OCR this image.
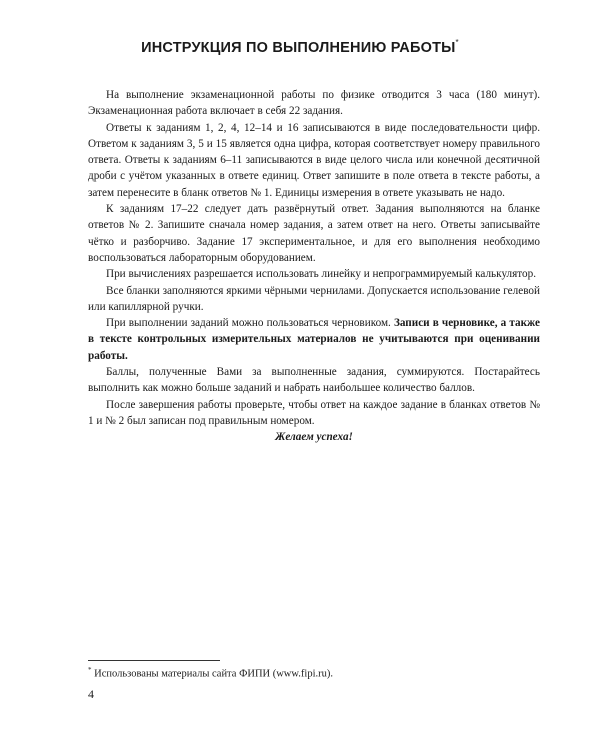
ИНСТРУКЦИЯ ПО ВЫПОЛНЕНИЮ РАБОТЫ*

На выполнение экзаменационной работы по физике отводится 3 часа (180 минут). Экзаменационная работа включает в себя 22 задания.

Ответы к заданиям 1, 2, 4, 12–14 и 16 записываются в виде последовательности цифр. Ответом к заданиям 3, 5 и 15 является одна цифра, которая соответствует номеру правильного ответа. Ответы к заданиям 6–11 записываются в виде целого числа или конечной десятичной дроби с учётом указанных в ответе единиц. Ответ запишите в поле ответа в тексте работы, а затем перенесите в бланк ответов № 1. Единицы измерения в ответе указывать не надо.

К заданиям 17–22 следует дать развёрнутый ответ. Задания выполняются на бланке ответов № 2. Запишите сначала номер задания, а затем ответ на него. Ответы записывайте чётко и разборчиво. Задание 17 экспериментальное, и для его выполнения необходимо воспользоваться лабораторным оборудованием.

При вычислениях разрешается использовать линейку и непрограммируемый калькулятор.

Все бланки заполняются яркими чёрными чернилами. Допускается использование гелевой или капиллярной ручки.

При выполнении заданий можно пользоваться черновиком. Записи в черновике, а также в тексте контрольных измерительных материалов не учитываются при оценивании работы.

Баллы, полученные Вами за выполненные задания, суммируются. Постарайтесь выполнить как можно больше заданий и набрать наибольшее количество баллов.

После завершения работы проверьте, чтобы ответ на каждое задание в бланках ответов № 1 и № 2 был записан под правильным номером.

Желаем успеха!

* Использованы материалы сайта ФИПИ (www.fipi.ru).
4
